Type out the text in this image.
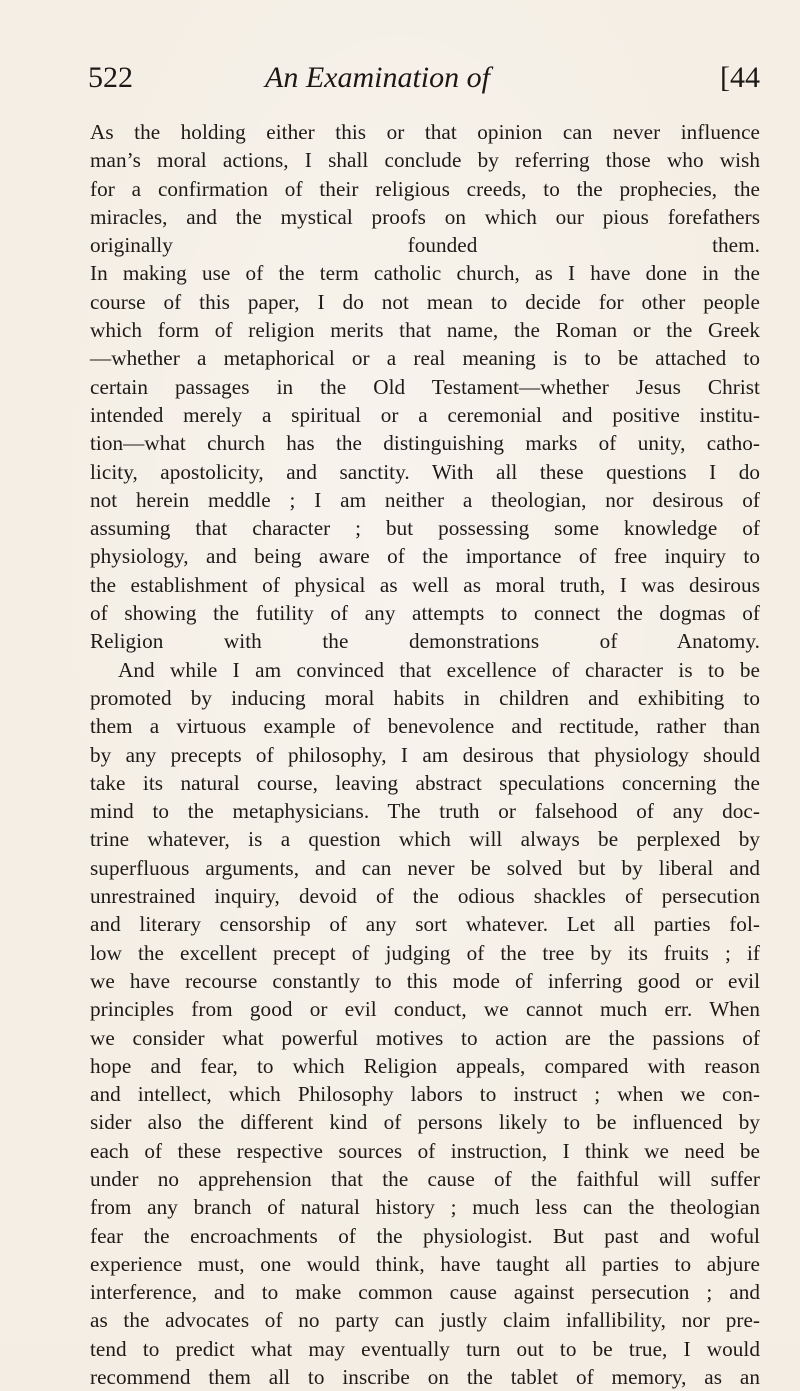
522	An Examination of	[44
As the holding either this or that opinion can never influence
man’s moral actions, I shall conclude by referring those who wish
for a confirmation of their religious creeds, to the prophecies, the
miracles, and the mystical proofs on which our pious forefathers
originally founded them.
In making use of the term catholic church, as I have done in the
course of this paper, I do not mean to decide for other people
which form of religion merits that name, the Roman or the Greek
—whether a metaphorical or a real meaning is to be attached to
certain passages in the Old Testament—whether Jesus Christ
intended merely a spiritual or a ceremonial and positive institu-
tion—what church has the distinguishing marks of unity, catho-
licity, apostolicity, and sanctity. With all these questions I do
not herein meddle ; I am neither a theologian, nor desirous of
assuming that character ; but possessing some knowledge of
physiology, and being aware of the importance of free inquiry to
the establishment of physical as well as moral truth, I was desirous
of showing the futility of any attempts to connect the dogmas of
Religion with the demonstrations of Anatomy.
And while I am convinced that excellence of character is to be
promoted by inducing moral habits in children and exhibiting to
them a virtuous example of benevolence and rectitude, rather than
by any precepts of philosophy, I am desirous that physiology should
take its natural course, leaving abstract speculations concerning the
mind to the metaphysicians. The truth or falsehood of any doc-
trine whatever, is a question which will always be perplexed by
superfluous arguments, and can never be solved but by liberal and
unrestrained inquiry, devoid of the odious shackles of persecution
and literary censorship of any sort whatever. Let all parties fol-
low the excellent precept of judging of the tree by its fruits ; if
we have recourse constantly to this mode of inferring good or evil
principles from good or evil conduct, we cannot much err. When
we consider what powerful motives to action are the passions of
hope and fear, to which Religion appeals, compared with reason
and intellect, which Philosophy labors to instruct ; when we con-
sider also the different kind of persons likely to be influenced by
each of these respective sources of instruction, I think we need be
under no apprehension that the cause of the faithful will suffer
from any branch of natural history ; much less can the theologian
fear the encroachments of the physiologist. But past and woful
experience must, one would think, have taught all parties to abjure
interference, and to make common cause against persecution ; and
as the advocates of no party can justly claim infallibility, nor pre-
tend to predict what may eventually turn out to be true, I would
recommend them all to inscribe on the tablet of memory, as an
